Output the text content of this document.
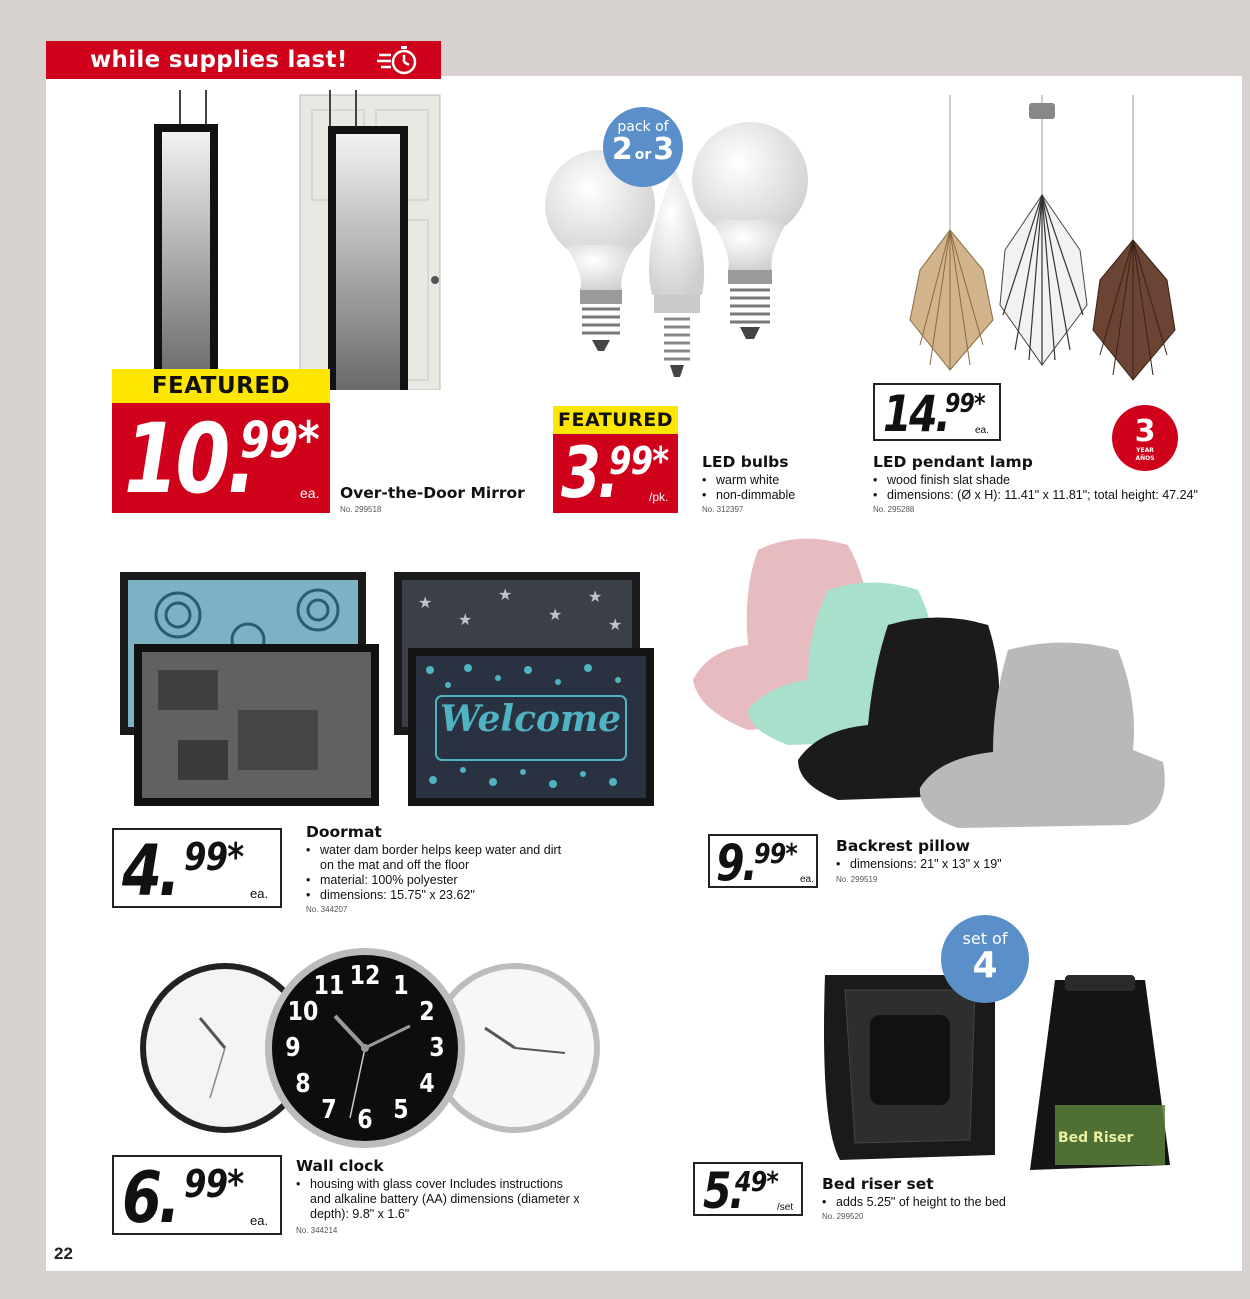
while supplies last!
FEATURED
10.
99*
ea. Over-the-Door Mirror
No. 299518
pack of
2 or3
FEATURED
3.
99*
/pk.
LED bulbs
• warm white
• non-dimmable
No. 312397
14.
99*
ea.	3
YEAR AÑOS
LED pendant lamp
• wood finish slat shade
• dimensions: (Ø x H): 11.41" x 11.81"; total height: 47.24"
No. 295288
★
★
★
★
★
★
Welcome
4. 99*
ea.
Doormat
• water dam border helps keep water and dirt
on the mat and off the floor
• material: 100% polyester
• dimensions: 15.75" x 23.62"
No. 344207
9.
99*
ea.
Backrest pillow
• dimensions: 21" x 13" x 19"
No. 299519
12 1
2
3
4
5
6
7
8
9
10
11
6. 99*
ea.
Wall clock
• housing with glass cover Includes instructions
and alkaline battery (AA) dimensions (diameter x
depth): 9.8" x 1.6"
No. 344214
Bed Riser
set of
4
5.
49*
/set
Bed riser set
• adds 5.25" of height to the bed
No. 299520
22
